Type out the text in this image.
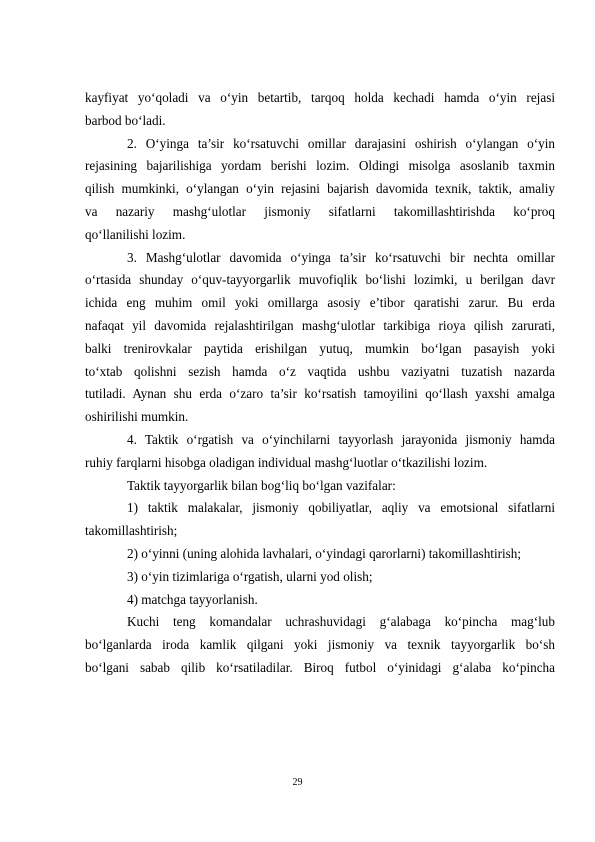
kayfiyat yo‘qoladi va o‘yin betartib, tarqoq holda kechadi hamda o‘yin rejasi
barbod bo‘ladi.
2. O‘yinga ta’sir ko‘rsatuvchi omillar darajasini oshirish o‘ylangan o‘yin
rejasining bajarilishiga yordam berishi lozim. Oldingi misolga asoslanib taxmin
qilish mumkinki, o‘ylangan o‘yin rejasini bajarish davomida texnik, taktik, amaliy
va nazariy mashg‘ulotlar jismoniy sifatlarni takomillashtirishda ko‘proq
qo‘llanilishi lozim.
3. Mashg‘ulotlar davomida o‘yinga ta’sir ko‘rsatuvchi bir nechta omillar
o‘rtasida shunday o‘quv-tayyorgarlik muvofiqlik bo‘lishi lozimki, u berilgan davr
ichida eng muhim omil yoki omillarga asosiy e’tibor qaratishi zarur. Bu erda
nafaqat yil davomida rejalashtirilgan mashg‘ulotlar tarkibiga rioya qilish zarurati,
balki trenirovkalar paytida erishilgan yutuq, mumkin bo‘lgan pasayish yoki
to‘xtab qolishni sezish hamda o‘z vaqtida ushbu vaziyatni tuzatish nazarda
tutiladi. Aynan shu erda o‘zaro ta’sir ko‘rsatish tamoyilini qo‘llash yaxshi amalga
oshirilishi mumkin.
4. Taktik o‘rgatish va o‘yinchilarni tayyorlash jarayonida jismoniy hamda
ruhiy farqlarni hisobga oladigan individual mashg‘luotlar o‘tkazilishi lozim.
Taktik tayyorgarlik bilan bog‘liq bo‘lgan vazifalar:
1) taktik malakalar, jismoniy qobiliyatlar, aqliy va emotsional sifatlarni
takomillashtirish;
2) o‘yinni (uning alohida lavhalari, o‘yindagi qarorlarni) takomillashtirish;
3) o‘yin tizimlariga o‘rgatish, ularni yod olish;
4) matchga tayyorlanish.
Kuchi teng komandalar uchrashuvidagi g‘alabaga ko‘pincha mag‘lub
bo‘lganlarda iroda kamlik qilgani yoki jismoniy va texnik tayyorgarlik bo‘sh
bo‘lgani sabab qilib ko‘rsatiladilar. Biroq futbol o‘yinidagi g‘alaba ko‘pincha
29
